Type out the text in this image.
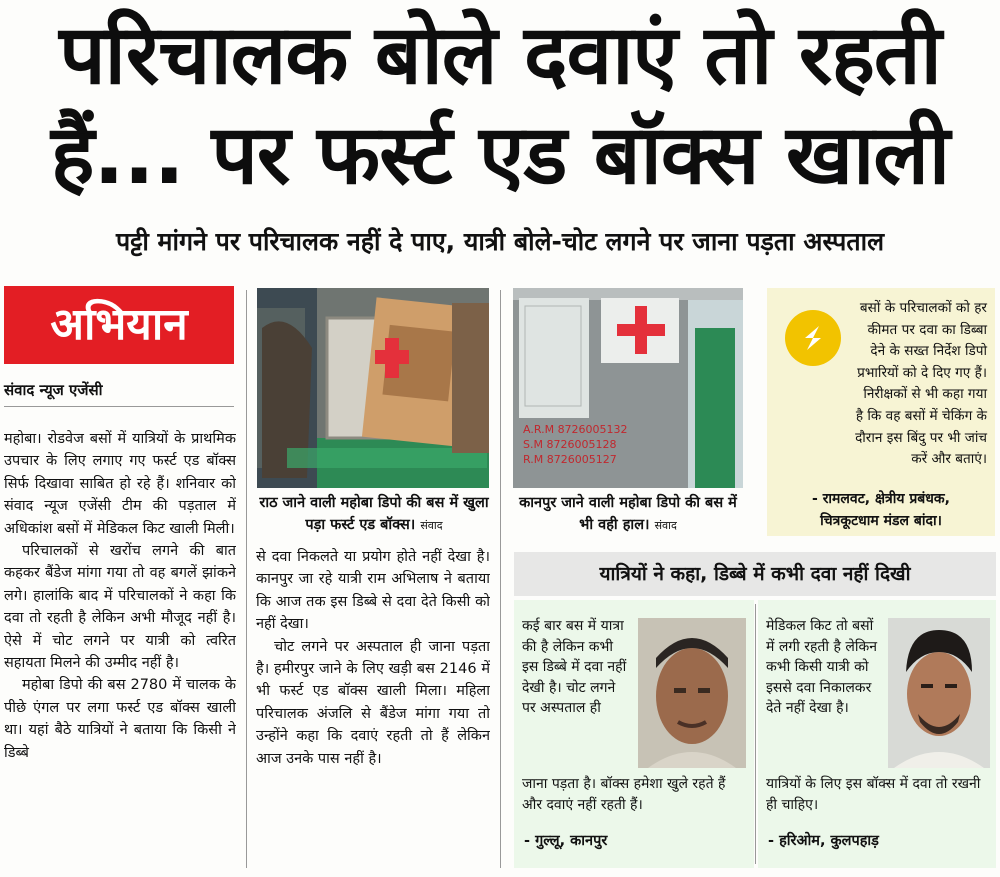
परिचालक बोले दवाएं तो रहती
हैं... पर फर्स्ट एड बॉक्स खाली
पट्टी मांगने पर परिचालक नहीं दे पाए, यात्री बोले-चोट लगने पर जाना पड़ता अस्पताल
अभियान
संवाद न्यूज एजेंसी

महोबा। रोडवेज बसों में यात्रियों के प्राथमिक उपचार के लिए लगाए गए फर्स्ट एड बॉक्स सिर्फ दिखावा साबित हो रहे हैं। शनिवार को संवाद न्यूज एजेंसी टीम की पड़ताल में अधिकांश बसों में मेडिकल किट खाली मिली।

परिचालकों से खरोंच लगने की बात कहकर बैंडेज मांगा गया तो वह बगलें झांकने लगे। हालांकि बाद में परिचालकों ने कहा कि दवा तो रहती है लेकिन अभी मौजूद नहीं है। ऐसे में चोट लगने पर यात्री को त्वरित सहायता मिलने की उम्मीद नहीं है।

महोबा डिपो की बस 2780 में चालक के पीछे एंगल पर लगा फर्स्ट एड बॉक्स खाली था। यहां बैठे यात्रियों ने बताया कि किसी ने डिब्बे

राठ जाने वाली महोबा डिपो की बस में खुला पड़ा फर्स्ट एड बॉक्स। संवाद

से दवा निकलते या प्रयोग होते नहीं देखा है। कानपुर जा रहे यात्री राम अभिलाष ने बताया कि आज तक इस डिब्बे से दवा देते किसी को नहीं देखा।

चोट लगने पर अस्पताल ही जाना पड़ता है। हमीरपुर जाने के लिए खड़ी बस 2146 में भी फर्स्ट एड बॉक्स खाली मिला। महिला परिचालक अंजलि से बैंडेज मांगा गया तो उन्होंने कहा कि दवाएं रहती तो हैं लेकिन आज उनके पास नहीं है।

A.R.M 8726005132
S.M 8726005128
R.M 8726005127
कानपुर जाने वाली महोबा डिपो की बस में भी वही हाल। संवाद
बसों के परिचालकों को हर कीमत पर दवा का डिब्बा देने के सख्त निर्देश डिपो प्रभारियों को दे दिए गए हैं। निरीक्षकों से भी कहा गया है कि वह बसों में चेकिंग के दौरान इस बिंदु पर भी जांच करें और बताएं।
- रामलवट, क्षेत्रीय प्रबंधक,
चित्रकूटधाम मंडल बांदा।
यात्रियों ने कहा, डिब्बे में कभी दवा नहीं दिखी
कई बार बस में यात्रा की है लेकिन कभी इस डिब्बे में दवा नहीं देखी है। चोट लगने पर अस्पताल ही
जाना पड़ता है। बॉक्स हमेशा खुले रहते हैं और दवाएं नहीं रहती हैं।
- गुल्लू, कानपुर
मेडिकल किट तो बसों में लगी रहती है लेकिन कभी किसी यात्री को इससे दवा निकालकर देते नहीं देखा है।
यात्रियों के लिए इस बॉक्स में दवा तो रखनी ही चाहिए।
- हरिओम, कुलपहाड़
